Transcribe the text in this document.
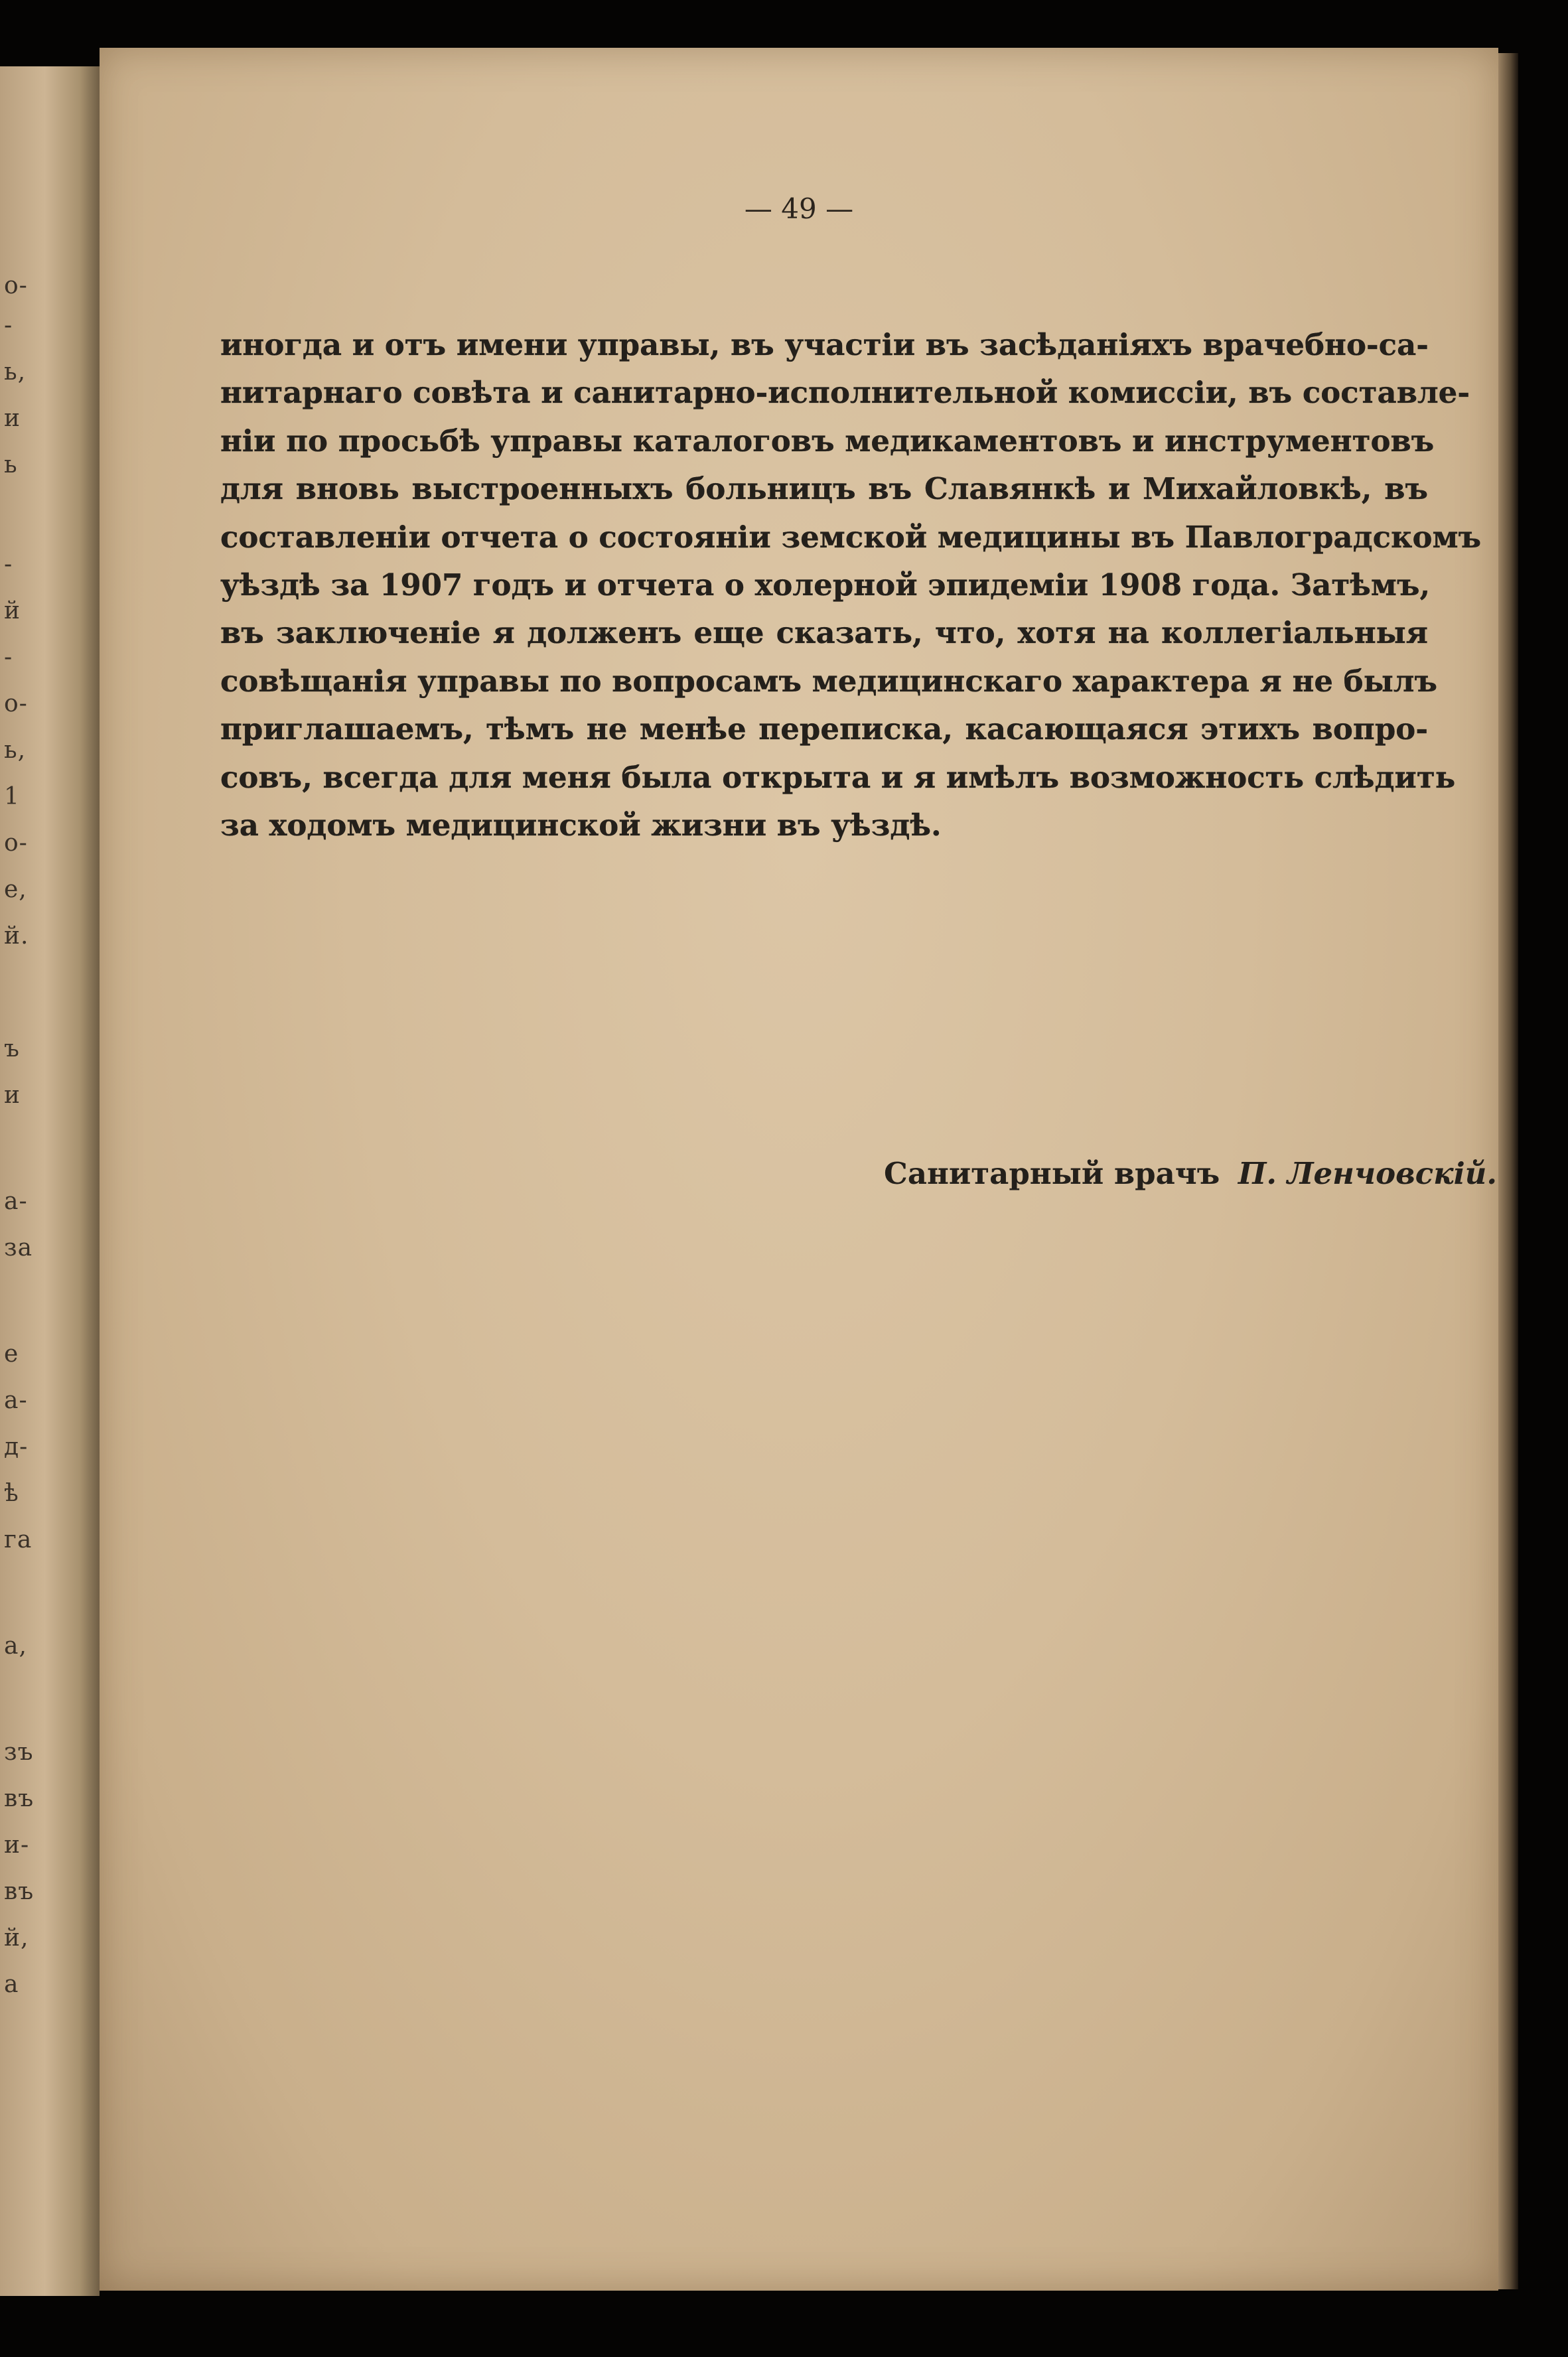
о-
-
ь,
и
ь
-
й
-
о-
ь,
1
о-
е,
й.
ъ
и
а-
за
е
а-
д-
ѣ
га
а,
зъ
въ
и-
въ
й,
а
— 49 —
иногда и отъ имени управы, въ участiи въ засѣданiяхъ врачебно-са-
нитарнаго совѣта и санитарно-исполнительной комиссiи, въ составле-
нiи по просьбѣ управы каталоговъ медикаментовъ и инструментовъ
для вновь выстроенныхъ больницъ въ Славянкѣ и Михайловкѣ, въ
составленiи отчета о состоянiи земской медицины въ Павлоградскомъ
уѣздѣ за 1907 годъ и отчета о холерной эпидемiи 1908 года. Затѣмъ,
въ заключенiе я долженъ еще сказать, что, хотя на коллегiальныя
совѣщанiя управы по вопросамъ медицинскаго характера я не былъ
приглашаемъ, тѣмъ не менѣе переписка, касающаяся этихъ вопро-
совъ, всегда для меня была открыта и я имѣлъ возможность слѣдить
за ходомъ медицинской жизни въ уѣздѣ.
Санитарный врачъ П. Ленчовскiй.
